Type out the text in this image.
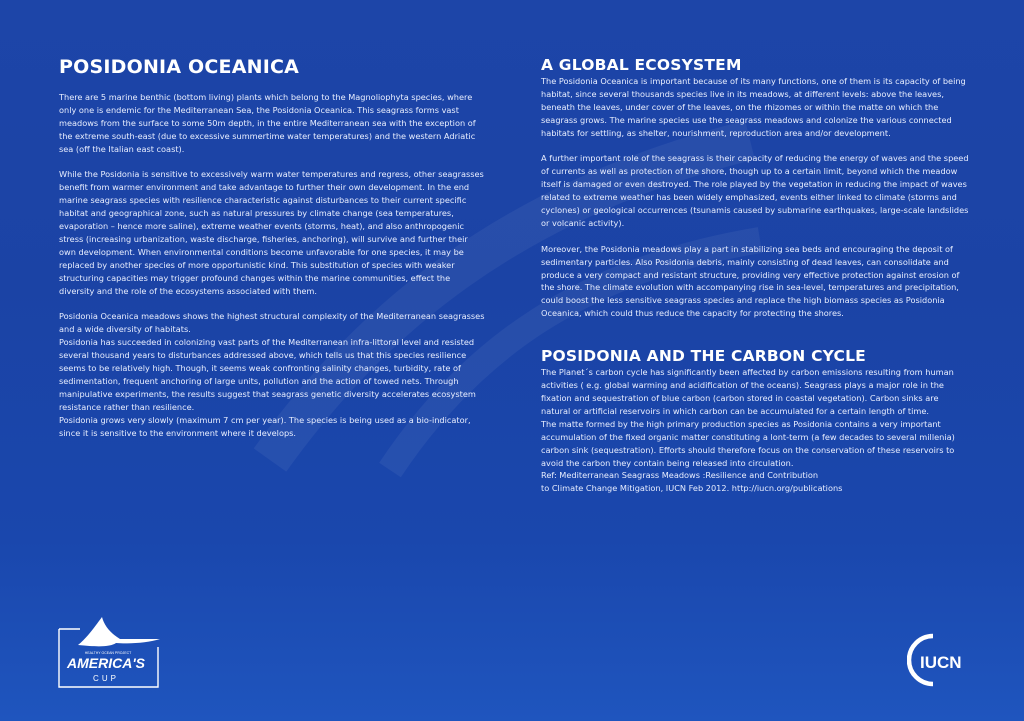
POSIDONIA OCEANICA

There are 5 marine benthic (bottom living) plants which belong to the Magnoliophyta species, where only one is endemic for the Mediterranean Sea, the Posidonia Oceanica. This seagrass forms vast meadows from the surface to some 50m depth, in the entire Mediterranean sea with the exception of the extreme south-east (due to excessive summertime water temperatures) and the western Adriatic sea (off the Italian east coast).

While the Posidonia is sensitive to excessively warm water temperatures and regress, other seagrasses benefit from warmer environment and take advantage to further their own development. In the end marine seagrass species with resilience characteristic against disturbances to their current specific habitat and geographical zone, such as natural pressures by climate change (sea temperatures, evaporation – hence more saline), extreme weather events (storms, heat), and also anthropogenic stress (increasing urbanization, waste discharge, fisheries, anchoring), will survive and further their own development. When environmental conditions become unfavorable for one species, it may be replaced by another species of more opportunistic kind. This substitution of species with weaker structuring capacities may trigger profound changes within the marine communities, effect the diversity and the role of the ecosystems associated with them.

Posidonia Oceanica meadows shows the highest structural complexity of the Mediterranean seagrasses and a wide diversity of habitats.

Posidonia has succeeded in colonizing vast parts of the Mediterranean infra-littoral level and resisted several thousand years to disturbances addressed above, which tells us that this species resilience seems to be relatively high. Though, it seems weak confronting salinity changes, turbidity, rate of sedimentation, frequent anchoring of large units, pollution and the action of towed nets. Through manipulative experiments, the results suggest that seagrass genetic diversity accelerates ecosystem resistance rather than resilience.

Posidonia grows very slowly (maximum 7 cm per year). The species is being used as a bio-indicator, since it is sensitive to the environment where it develops.

A GLOBAL ECOSYSTEM

The Posidonia Oceanica is important because of its many functions, one of them is its capacity of being habitat, since several thousands species live in its meadows, at different levels: above the leaves, beneath the leaves, under cover of the leaves, on the rhizomes or within the matte on which the seagrass grows. The marine species use the seagrass meadows and colonize the various connected habitats for settling, as shelter, nourishment, reproduction area and/or development.

A further important role of the seagrass is their capacity of reducing the energy of waves and the speed of currents as well as protection of the shore, though up to a certain limit, beyond which the meadow itself is damaged or even destroyed. The role played by the vegetation in reducing the impact of waves related to extreme weather has been widely emphasized, events either linked to climate (storms and cyclones) or geological occurrences (tsunamis caused by submarine earthquakes, large-scale landslides or volcanic activity).

Moreover, the Posidonia meadows play a part in stabilizing sea beds and encouraging the deposit of sedimentary particles. Also Posidonia debris, mainly consisting of dead leaves, can consolidate and produce a very compact and resistant structure, providing very effective protection against erosion of the shore. The climate evolution with accompanying rise in sea-level, temperatures and precipitation, could boost the less sensitive seagrass species and replace the high biomass species as Posidonia Oceanica, which could thus reduce the capacity for protecting the shores.

POSIDONIA AND THE CARBON CYCLE

The Planet´s carbon cycle has significantly been affected by carbon emissions resulting from human activities ( e.g. global warming and acidification of the oceans). Seagrass plays a major role in the fixation and sequestration of blue carbon (carbon stored in coastal vegetation). Carbon sinks are natural or artificial reservoirs in which carbon can be accumulated for a certain length of time.

The matte formed by the high primary production species as Posidonia contains a very important accumulation of the fixed organic matter constituting a lont-term (a few decades to several millenia) carbon sink (sequestration). Efforts should therefore focus on the conservation of these reservoirs to avoid the carbon they contain being released into circulation.

Ref: Mediterranean Seagrass Meadows :Resilience and Contribution

to Climate Change Mitigation, IUCN Feb 2012. http://iucn.org/publications

HEALTHY OCEAN PROJECT
AMERICA'S
CUP
IUCN
